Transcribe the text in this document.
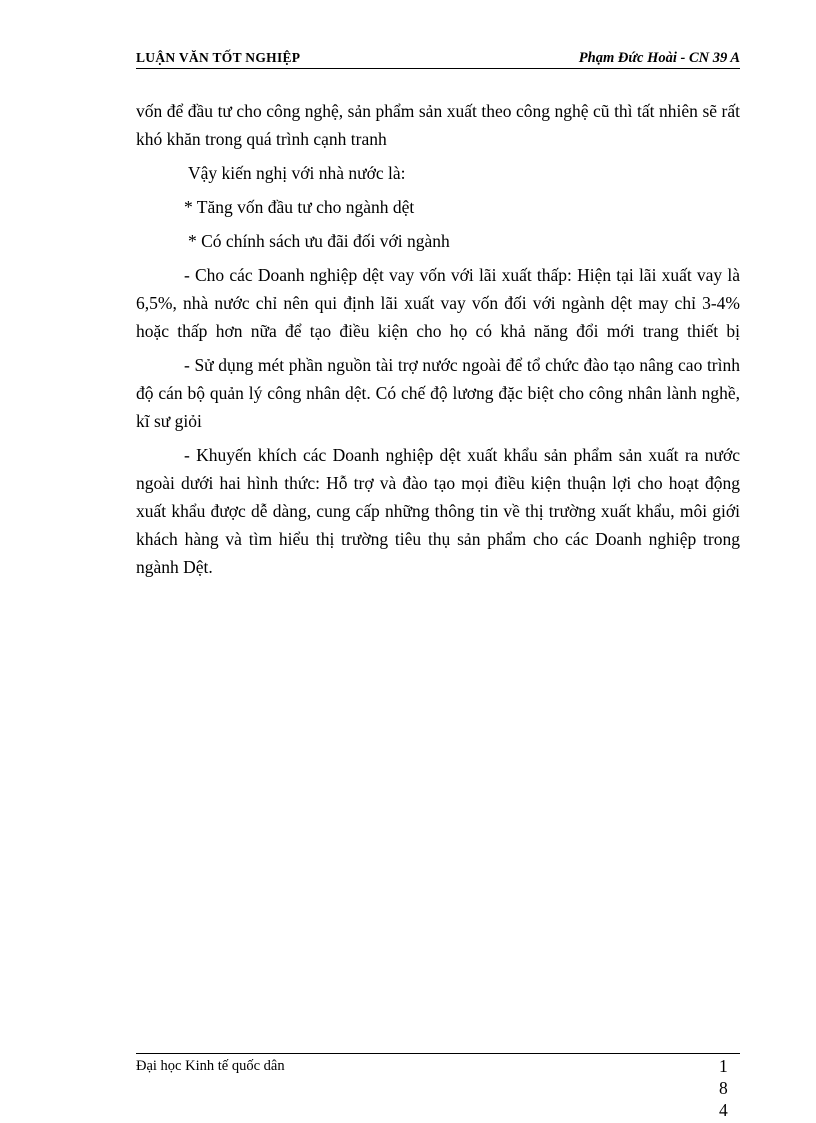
LUẬN VĂN TỐT NGHIỆP	Phạm Đức Hoài - CN 39 A

vốn để đầu tư cho công nghệ, sản phẩm sản xuất theo công nghệ cũ thì tất nhiên sẽ rất khó khăn trong quá trình cạnh tranh

Vậy kiến nghị với nhà nước là:

* Tăng vốn đầu tư cho ngành dệt

* Có chính sách ưu đãi đối với ngành

- Cho các Doanh nghiệp dệt vay vốn với lãi xuất thấp: Hiện tại lãi xuất vay là 6,5%, nhà nước chỉ nên qui định lãi xuất vay vốn đối với ngành dệt may chỉ 3-4% hoặc thấp hơn nữa để tạo điều kiện cho họ có khả năng đổi mới trang thiết bị

- Sử dụng mét phần nguồn tài trợ nước ngoài để tổ chức đào tạo nâng cao trình độ cán bộ quản lý công nhân dệt. Có chế độ lương đặc biệt cho công nhân lành nghề, kĩ sư giỏi

- Khuyến khích các Doanh nghiệp dệt xuất khẩu sản phẩm sản xuất ra nước ngoài dưới hai hình thức: Hỗ trợ và đào tạo mọi điều kiện thuận lợi cho hoạt động xuất khẩu được dễ dàng, cung cấp những thông tin về thị trường xuất khẩu, môi giới khách hàng và tìm hiểu thị trường tiêu thụ sản phẩm cho các Doanh nghiệp trong ngành Dệt.

Đại học Kinh tế quốc dân	1
8
4
